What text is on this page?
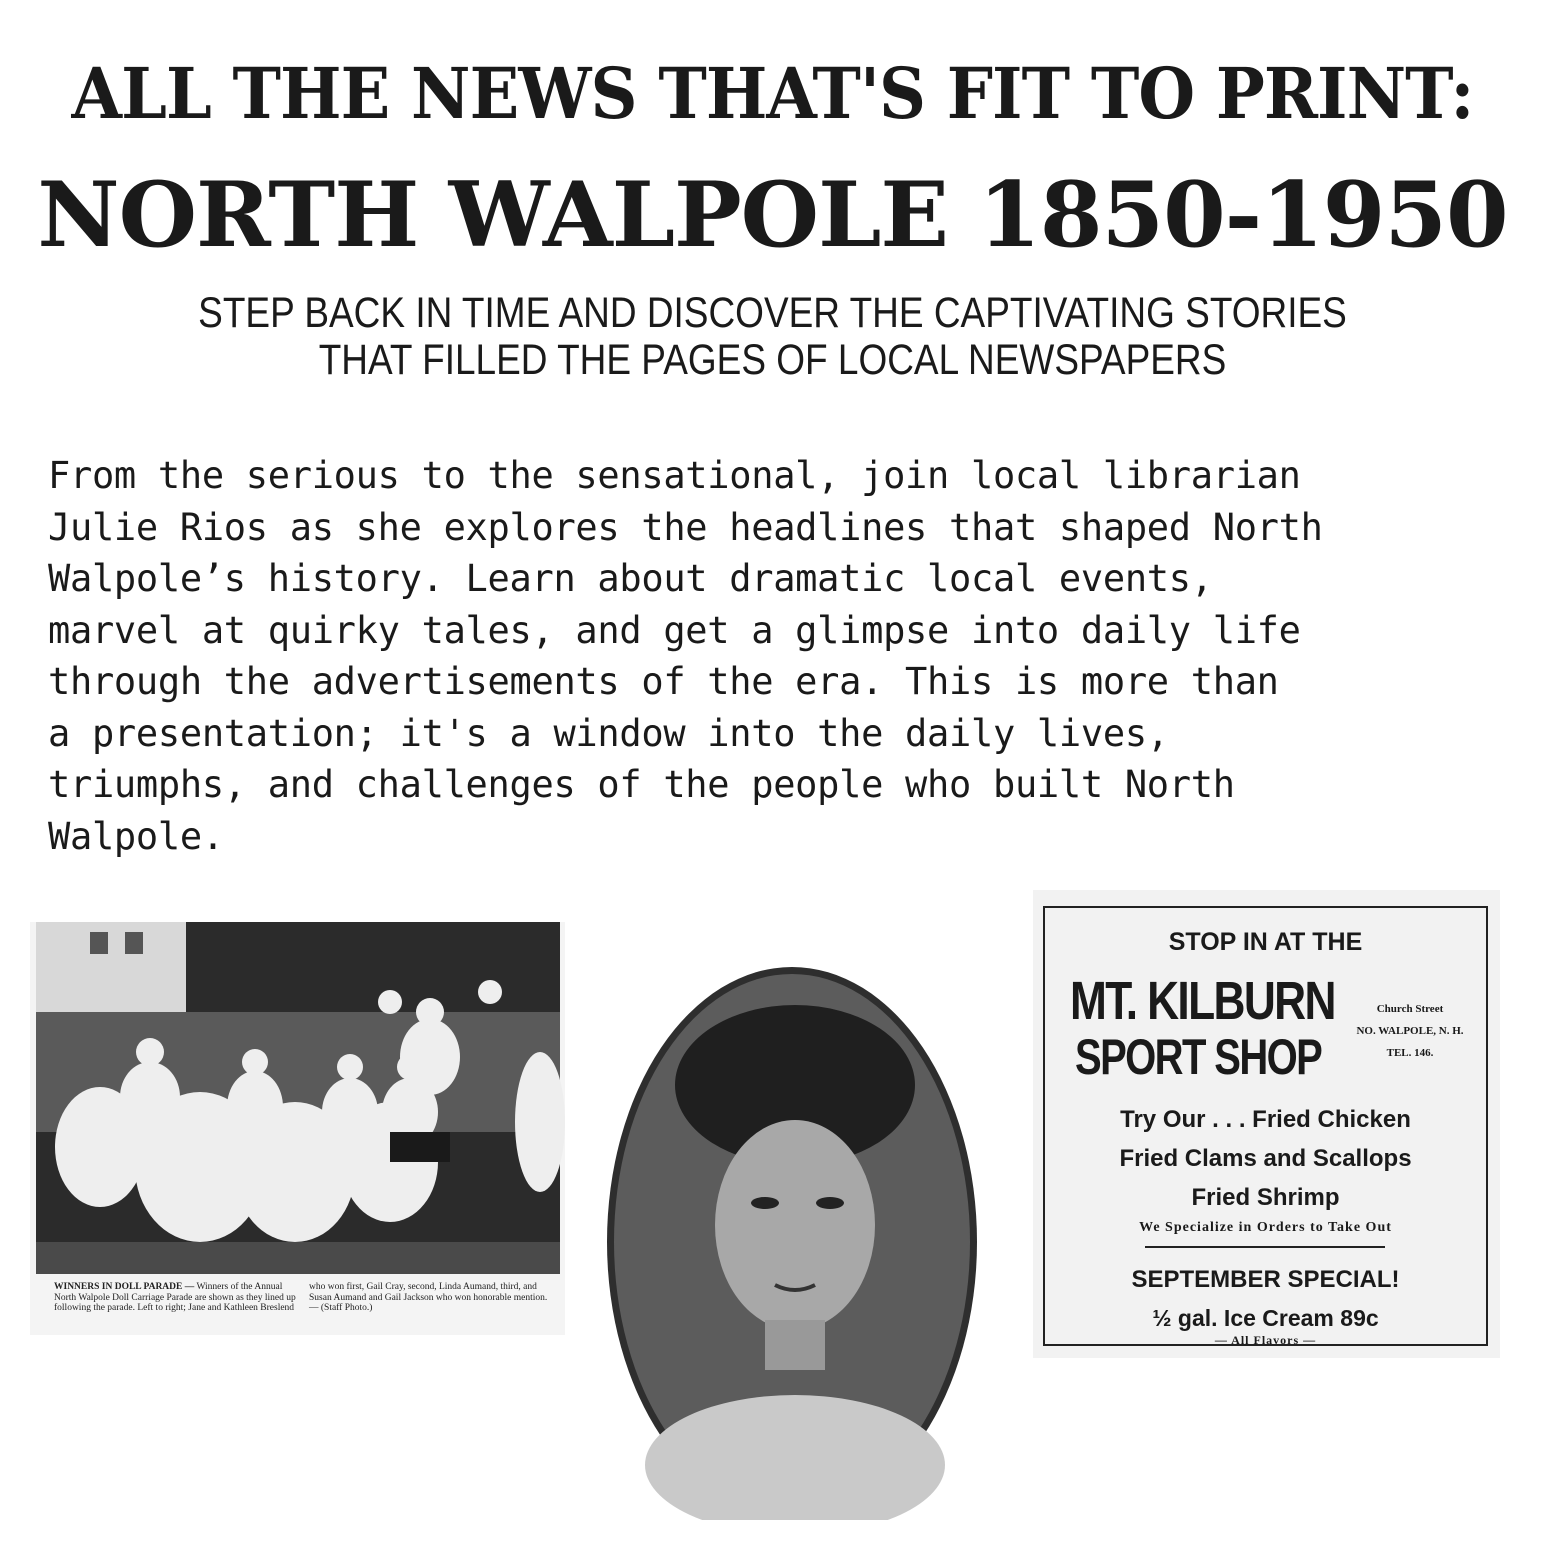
ALL THE NEWS THAT'S FIT TO PRINT:
NORTH WALPOLE 1850-1950
STEP BACK IN TIME AND DISCOVER THE CAPTIVATING STORIES
THAT FILLED THE PAGES OF LOCAL NEWSPAPERS
From the serious to the sensational, join local librarian
Julie Rios as she explores the headlines that shaped North
Walpole’s history. Learn about dramatic local events,
marvel at quirky tales, and get a glimpse into daily life
through the advertisements of the era. This is more than
a presentation; it's a window into the daily lives,
triumphs, and challenges of the people who built North
Walpole.
WINNERS IN DOLL PARADE — Winners of the Annual North Walpole Doll Carriage Parade are shown as they lined up following the parade. Left to right; Jane and Kathleen Breslend who won first, Gail Cray, second, Linda Aumand, third, and Susan Aumand and Gail Jackson who won honorable mention. — (Staff Photo.)
STOP IN AT THE
MT. KILBURN
SPORT SHOP
Church Street
NO. WALPOLE, N. H.
TEL. 146.
Try Our . . . Fried Chicken
Fried Clams and Scallops
Fried Shrimp
We Specialize in Orders to Take Out
SEPTEMBER SPECIAL!
½ gal. Ice Cream 89c
— All Flavors —
